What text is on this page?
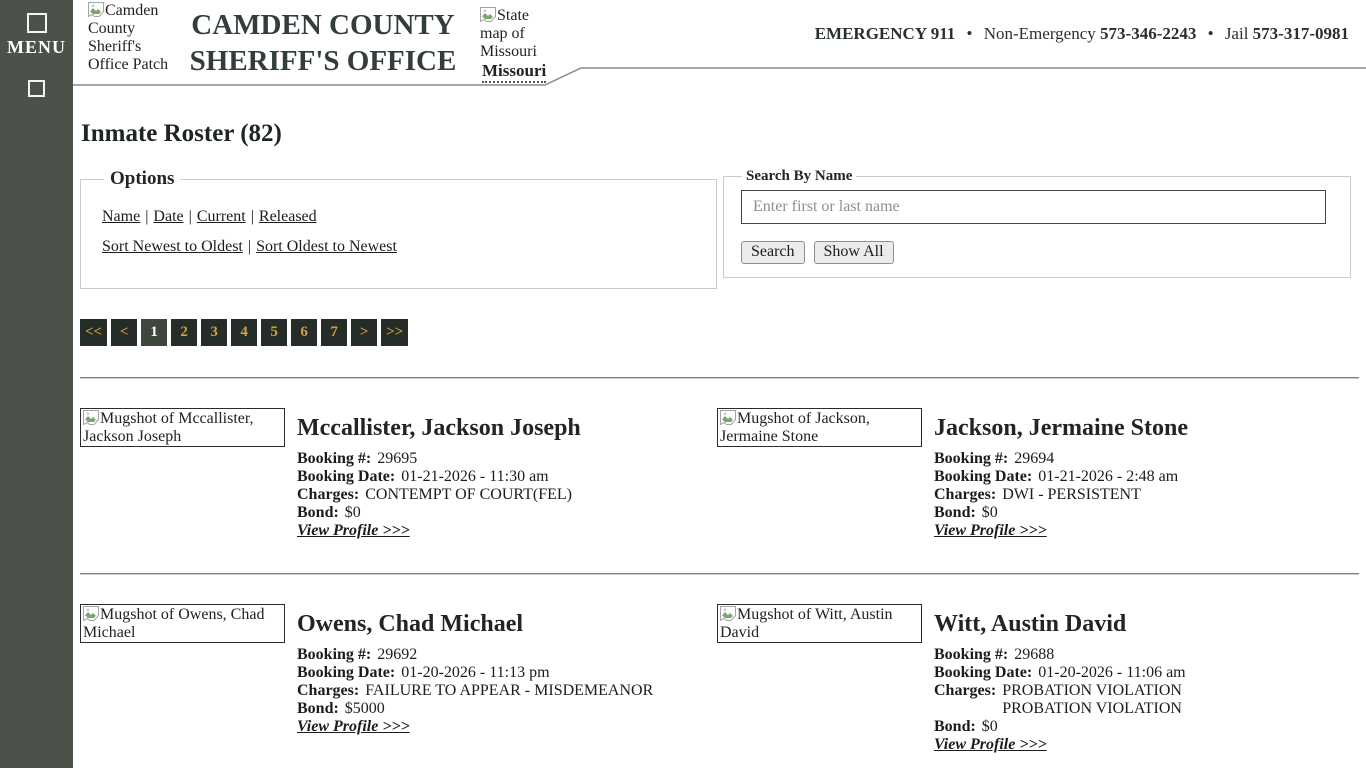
MENU
Camden County Sheriff's Office Patch
CAMDEN COUNTY
SHERIFF'S OFFICE
State map of Missouri
Missouri
EMERGENCY 911 • Non-Emergency 573-346-2243 • Jail 573-317-0981
Inmate Roster (82)
Options
Name | Date | Current | Released
Sort Newest to Oldest | Sort Oldest to Newest
Search By Name
Enter first or last name
Search	Show All
<<	<	1	2	3	4	5	6	7	>	>>
Mugshot of Mccallister, Jackson Joseph	Mccallister, Jackson Joseph
Booking #: 29695
Booking Date: 01-21-2026 - 11:30 am
Charges: CONTEMPT OF COURT(FEL)
Bond: $0
View Profile >>>
Mugshot of Jackson, Jermaine Stone	Jackson, Jermaine Stone
Booking #: 29694
Booking Date: 01-21-2026 - 2:48 am
Charges: DWI - PERSISTENT
Bond: $0
View Profile >>>
Mugshot of Owens, Chad Michael	Owens, Chad Michael
Booking #: 29692
Booking Date: 01-20-2026 - 11:13 pm
Charges: FAILURE TO APPEAR - MISDEMEANOR
Bond: $5000
View Profile >>>
Mugshot of Witt, Austin David	Witt, Austin David
Booking #: 29688
Booking Date: 01-20-2026 - 11:06 am
Charges: PROBATION VIOLATION
PROBATION VIOLATION
Bond: $0
View Profile >>>
